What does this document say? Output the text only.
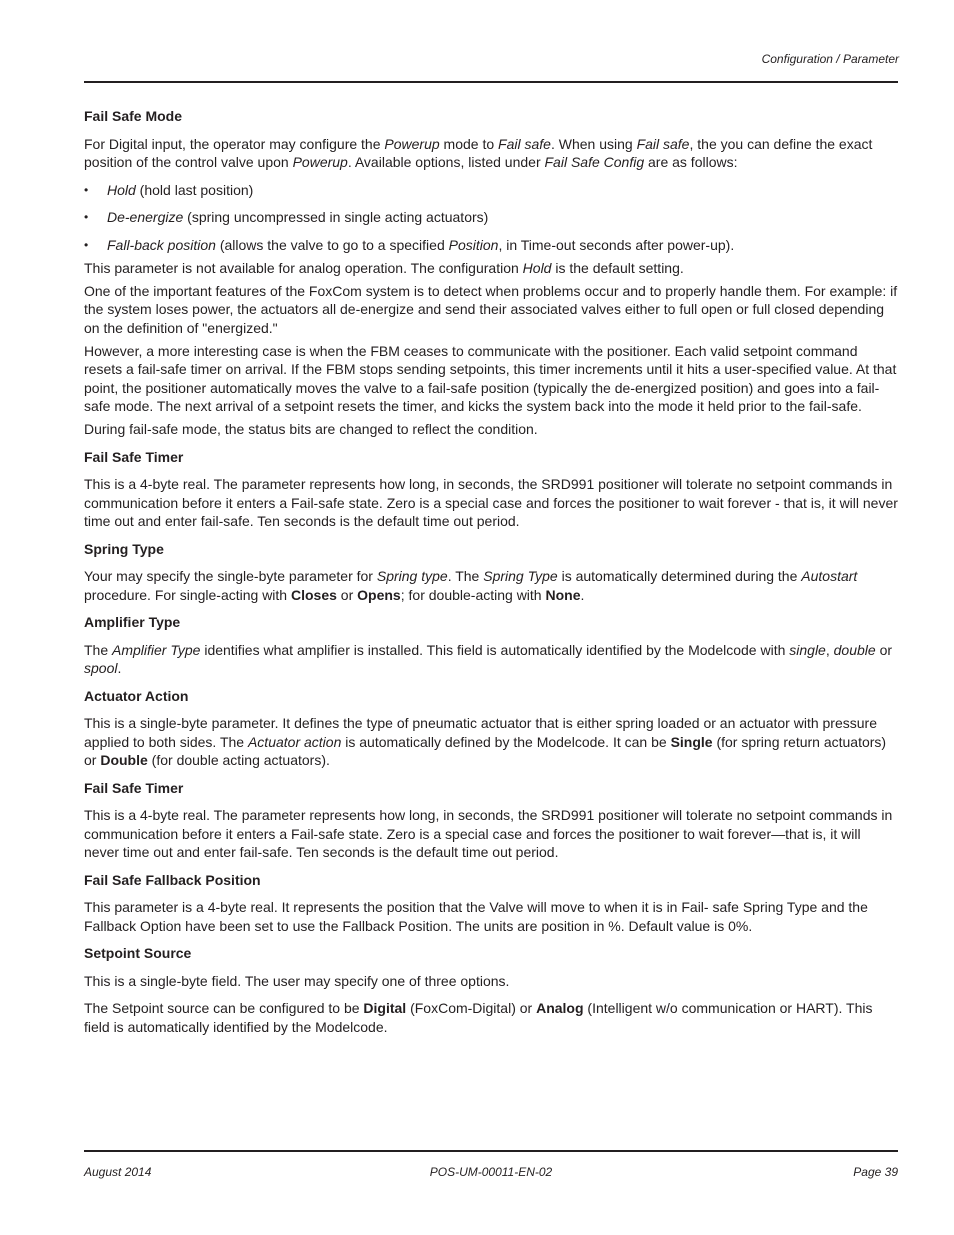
Configuration / Parameter
Fail Safe Mode

For Digital input, the operator may configure the Powerup mode to Fail safe. When using Fail safe, the you can define the exact position of the control valve upon Powerup. Available options, listed under Fail Safe Config are as follows:

• Hold (hold last position)
• De-energize (spring uncompressed in single acting actuators)
• Fall-back position (allows the valve to go to a specified Position, in Time-out seconds after power-up).

This parameter is not available for analog operation. The configuration Hold is the default setting.

One of the important features of the FoxCom system is to detect when problems occur and to properly handle them. For example: if the system loses power, the actuators all de-energize and send their associated valves either to full open or full closed depending on the definition of "energized."

However, a more interesting case is when the FBM ceases to communicate with the positioner. Each valid setpoint command resets a fail-safe timer on arrival. If the FBM stops sending setpoints, this timer increments until it hits a user-specified value. At that point, the positioner automatically moves the valve to a fail-safe position (typically the de-energized position) and goes into a fail-safe mode. The next arrival of a setpoint resets the timer, and kicks the system back into the mode it held prior to the fail-safe.

During fail-safe mode, the status bits are changed to reflect the condition.

Fail Safe Timer

This is a 4-byte real. The parameter represents how long, in seconds, the SRD991 positioner will tolerate no setpoint commands in communication before it enters a Fail-safe state. Zero is a special case and forces the positioner to wait forever - that is, it will never time out and enter fail-safe. Ten seconds is the default time out period.

Spring Type

Your may specify the single-byte parameter for Spring type. The Spring Type is automatically determined during the Autostart procedure. For single-acting with Closes or Opens; for double-acting with None.

Amplifier Type

The Amplifier Type identifies what amplifier is installed. This field is automatically identified by the Modelcode with single, double or spool.

Actuator Action

This is a single-byte parameter. It defines the type of pneumatic actuator that is either spring loaded or an actuator with pressure applied to both sides. The Actuator action is automatically defined by the Modelcode. It can be Single (for spring return actuators) or Double (for double acting actuators).

Fail Safe Timer

This is a 4-byte real. The parameter represents how long, in seconds, the SRD991 positioner will tolerate no setpoint commands in communication before it enters a Fail-safe state. Zero is a special case and forces the positioner to wait forever—that is, it will never time out and enter fail-safe. Ten seconds is the default time out period.

Fail Safe Fallback Position

This parameter is a 4-byte real. It represents the position that the Valve will move to when it is in Fail- safe Spring Type and the Fallback Option have been set to use the Fallback Position. The units are position in %. Default value is 0%.

Setpoint Source

This is a single-byte field. The user may specify one of three options.

The Setpoint source can be configured to be Digital (FoxCom-Digital) or Analog (Intelligent w/o communication or HART). This field is automatically identified by the Modelcode.

August 2014	POS-UM-00011-EN-02	Page 39
